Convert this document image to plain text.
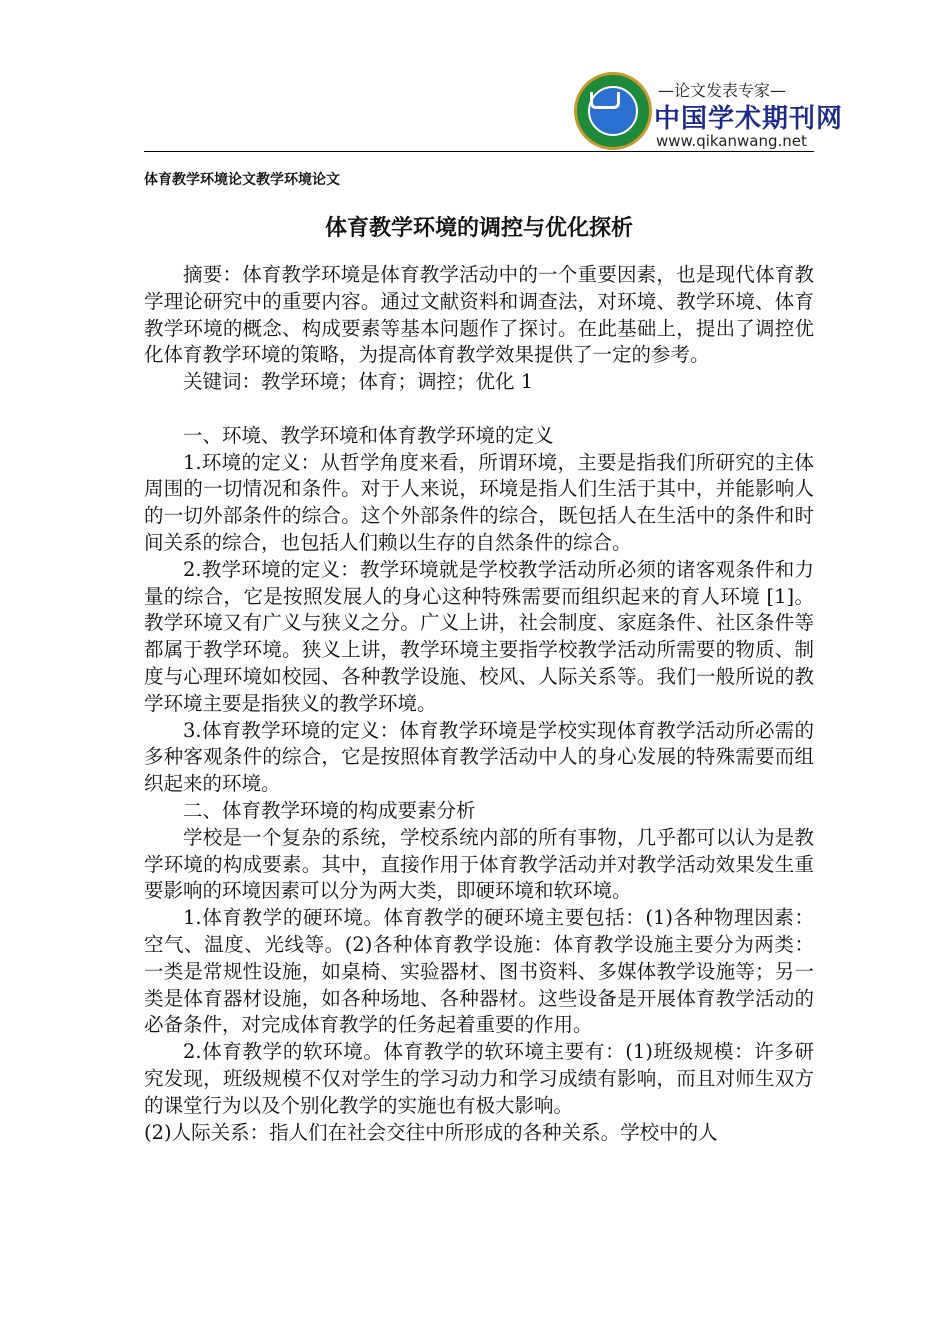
—论文发表专家—
中国学术期刊网
www.qikanwang.net
体育教学环境论文教学环境论文
体育教学环境的调控与优化探析

摘要：体育教学环境是体育教学活动中的一个重要因素，也是现代体育教学理论研究中的重要内容。通过文献资料和调查法，对环境、教学环境、体育教学环境的概念、构成要素等基本问题作了探讨。在此基础上，提出了调控优化体育教学环境的策略，为提高体育教学效果提供了一定的参考。

关键词：教学环境；体育；调控；优化 1

一、环境、教学环境和体育教学环境的定义

1.环境的定义：从哲学角度来看，所谓环境，主要是指我们所研究的主体周围的一切情况和条件。对于人来说，环境是指人们生活于其中，并能影响人的一切外部条件的综合。这个外部条件的综合，既包括人在生活中的条件和时间关系的综合，也包括人们赖以生存的自然条件的综合。

2.教学环境的定义：教学环境就是学校教学活动所必须的诸客观条件和力量的综合，它是按照发展人的身心这种特殊需要而组织起来的育人环境 [1]。教学环境又有广义与狭义之分。广义上讲，社会制度、家庭条件、社区条件等都属于教学环境。狭义上讲，教学环境主要指学校教学活动所需要的物质、制度与心理环境如校园、各种教学设施、校风、人际关系等。我们一般所说的教学环境主要是指狭义的教学环境。

3.体育教学环境的定义：体育教学环境是学校实现体育教学活动所必需的多种客观条件的综合，它是按照体育教学活动中人的身心发展的特殊需要而组织起来的环境。

二、体育教学环境的构成要素分析

学校是一个复杂的系统，学校系统内部的所有事物，几乎都可以认为是教学环境的构成要素。其中，直接作用于体育教学活动并对教学活动效果发生重要影响的环境因素可以分为两大类，即硬环境和软环境。

1.体育教学的硬环境。体育教学的硬环境主要包括：(1)各种物理因素：空气、温度、光线等。(2)各种体育教学设施：体育教学设施主要分为两类：一类是常规性设施，如桌椅、实验器材、图书资料、多媒体教学设施等；另一类是体育器材设施，如各种场地、各种器材。这些设备是开展体育教学活动的必备条件，对完成体育教学的任务起着重要的作用。

2.体育教学的软环境。体育教学的软环境主要有：(1)班级规模：许多研究发现，班级规模不仅对学生的学习动力和学习成绩有影响，而且对师生双方的课堂行为以及个别化教学的实施也有极大影响。

(2)人际关系：指人们在社会交往中所形成的各种关系。学校中的人
